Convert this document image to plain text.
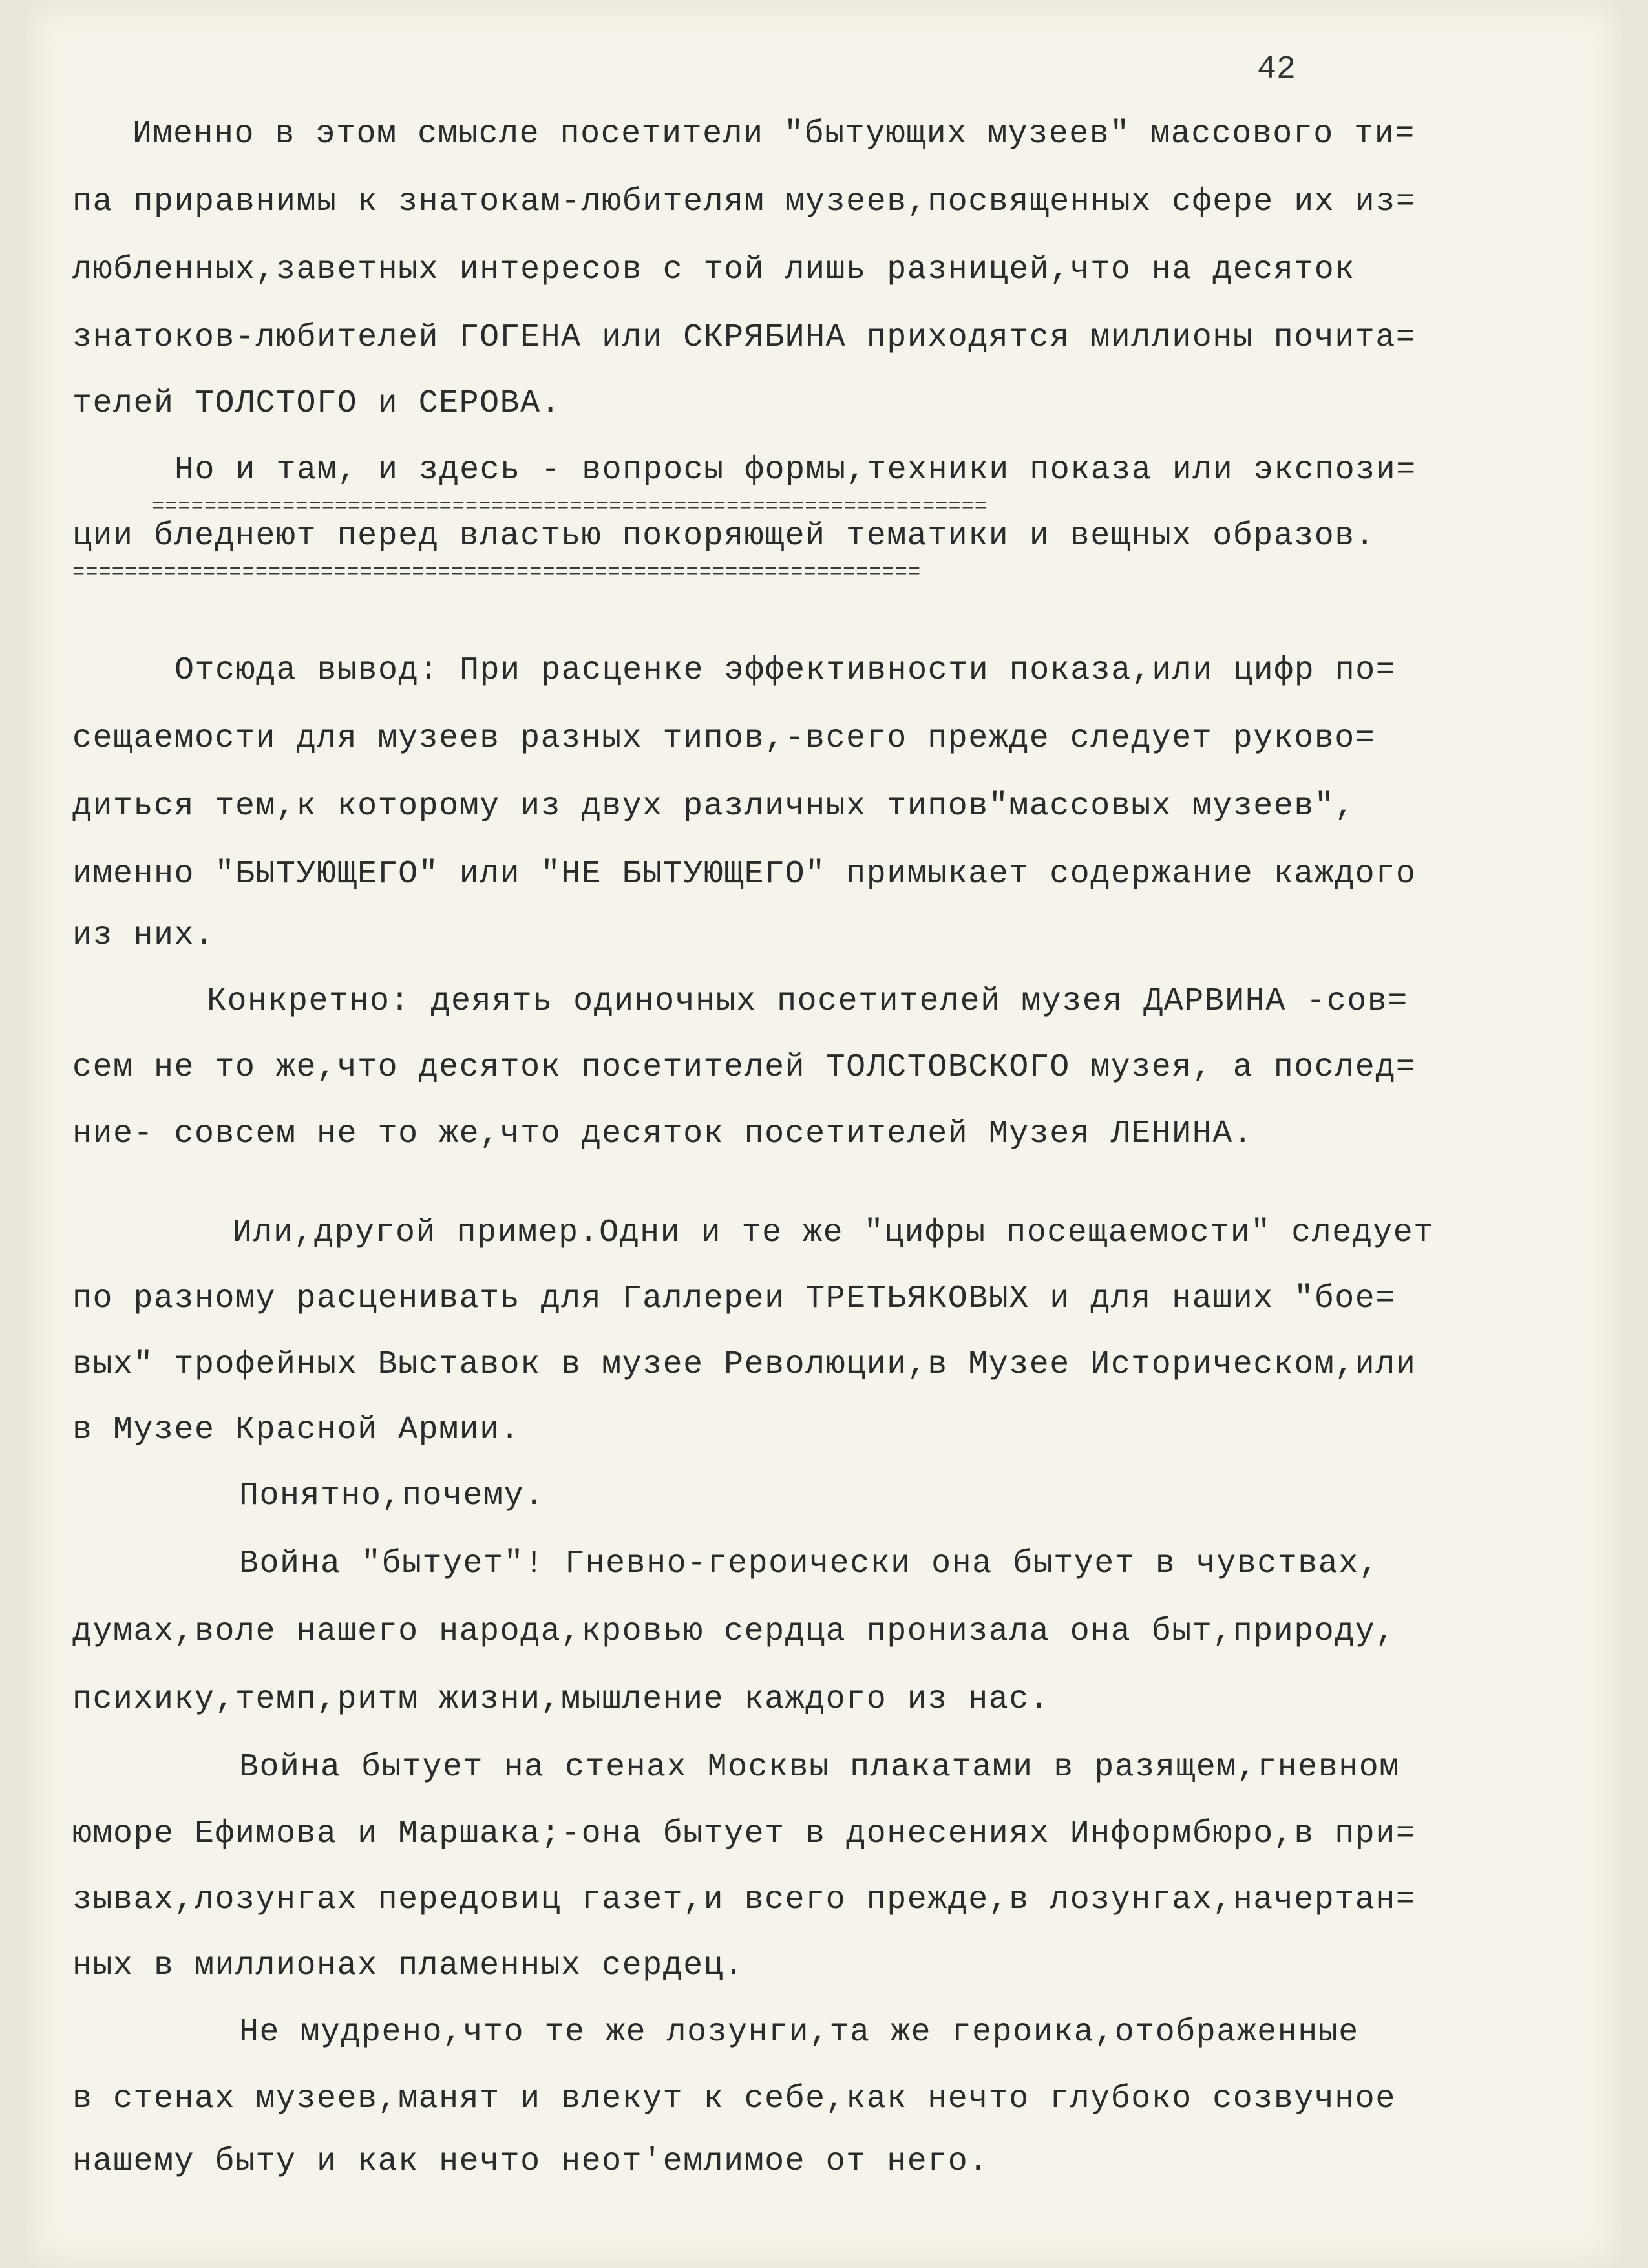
42

Именно в этом смысле посетители "бытующих музеев" массового ти=

па приравнимы к знатокам-любителям музеев,посвященных сфере их из=

любленных,заветных интересов с той лишь разницей,что на десяток

знатоков-любителей ГОГЕНА или СКРЯБИНА приходятся миллионы почита=

телей ТОЛСТОГО и СЕРОВА.

Но и там, и здесь - вопросы формы,техники показа или экспози=

================================================================

ции бледнеют перед властью покоряющей тематики и вещных образов.

=================================================================

Отсюда вывод: При расценке эффективности показа,или цифр по=

сещаемости для музеев разных типов,-всего прежде следует руково=

диться тем,к которому из двух различных типов"массовых музеев",

именно "БЫТУЮЩЕГО" или "НЕ БЫТУЮЩЕГО" примыкает содержание каждого

из них.

Конкретно: деяять одиночных посетителей музея ДАРВИНА -сов=

сем не то же,что десяток посетителей ТОЛСТОВСКОГО музея, а послед=

ние- совсем не то же,что десяток посетителей Музея ЛЕНИНА.

Или,другой пример.Одни и те же "цифры посещаемости" следует

по разному расценивать для Галлереи ТРЕТЬЯКОВЫХ и для наших "бое=

вых" трофейных Выставок в музее Революции,в Музее Историческом,или

в Музее Красной Армии.

Понятно,почему.

Война "бытует"! Гневно-героически она бытует в чувствах,

думах,воле нашего народа,кровью сердца пронизала она быт,природу,

психику,темп,ритм жизни,мышление каждого из нас.

Война бытует на стенах Москвы плакатами в разящем,гневном

юморе Ефимова и Маршака;-она бытует в донесениях Информбюро,в при=

зывах,лозунгах передовиц газет,и всего прежде,в лозунгах,начертан=

ных в миллионах пламенных сердец.

Не мудрено,что те же лозунги,та же героика,отображенные

в стенах музеев,манят и влекут к себе,как нечто глубоко созвучное

нашему быту и как нечто неот'емлимое от него.
